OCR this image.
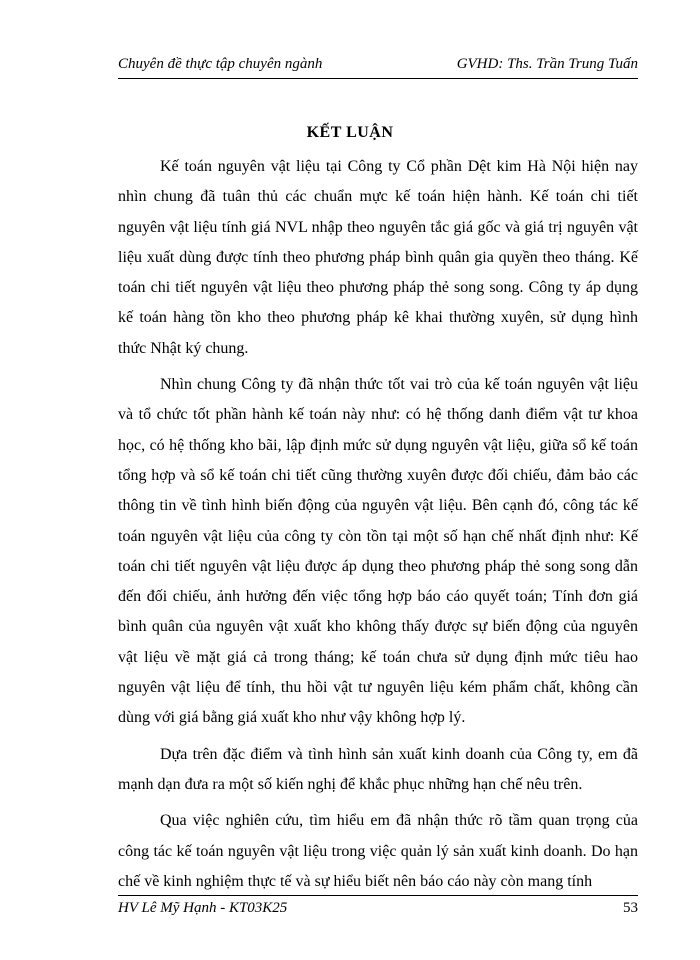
Chuyên đề thực tập chuyên ngành	GVHD: Ths. Trần Trung Tuấn
KẾT LUẬN

Kế toán nguyên vật liệu tại Công ty Cổ phần Dệt kim Hà Nội hiện nay nhìn chung đã tuân thủ các chuẩn mực kế toán hiện hành. Kế toán chi tiết nguyên vật liệu tính giá NVL nhập theo nguyên tắc giá gốc và giá trị nguyên vật liệu xuất dùng được tính theo phương pháp bình quân gia quyền theo tháng. Kế toán chi tiết nguyên vật liệu theo phương pháp thẻ song song. Công ty áp dụng kế toán hàng tồn kho theo phương pháp kê khai thường xuyên, sử dụng hình thức Nhật ký chung.

Nhìn chung Công ty đã nhận thức tốt vai trò của kế toán nguyên vật liệu và tổ chức tốt phần hành kế toán này như: có hệ thống danh điểm vật tư khoa học, có hệ thống kho bãi, lập định mức sử dụng nguyên vật liệu, giữa sổ kế toán tổng hợp và sổ kế toán chi tiết cũng thường xuyên được đối chiếu, đảm bảo các thông tin về tình hình biến động của nguyên vật liệu. Bên cạnh đó, công tác kế toán nguyên vật liệu của công ty còn tồn tại một số hạn chế nhất định như: Kế toán chi tiết nguyên vật liệu được áp dụng theo phương pháp thẻ song song dẫn đến đối chiếu, ảnh hưởng đến việc tổng hợp báo cáo quyết toán; Tính đơn giá bình quân của nguyên vật xuất kho không thấy được sự biến động của nguyên vật liệu về mặt giá cả trong tháng; kế toán chưa sử dụng định mức tiêu hao nguyên vật liệu để tính, thu hồi vật tư nguyên liệu kém phẩm chất, không cần dùng với giá bằng giá xuất kho như vậy không hợp lý.

Dựa trên đặc điểm và tình hình sản xuất kinh doanh của Công ty, em đã mạnh dạn đưa ra một số kiến nghị để khắc phục những hạn chế nêu trên.

Qua việc nghiên cứu, tìm hiểu em đã nhận thức rõ tầm quan trọng của công tác kế toán nguyên vật liệu trong việc quản lý sản xuất kinh doanh. Do hạn chế về kinh nghiệm thực tế và sự hiểu biết nên báo cáo này còn mang tính

HV Lê Mỹ Hạnh - KT03K25	53
